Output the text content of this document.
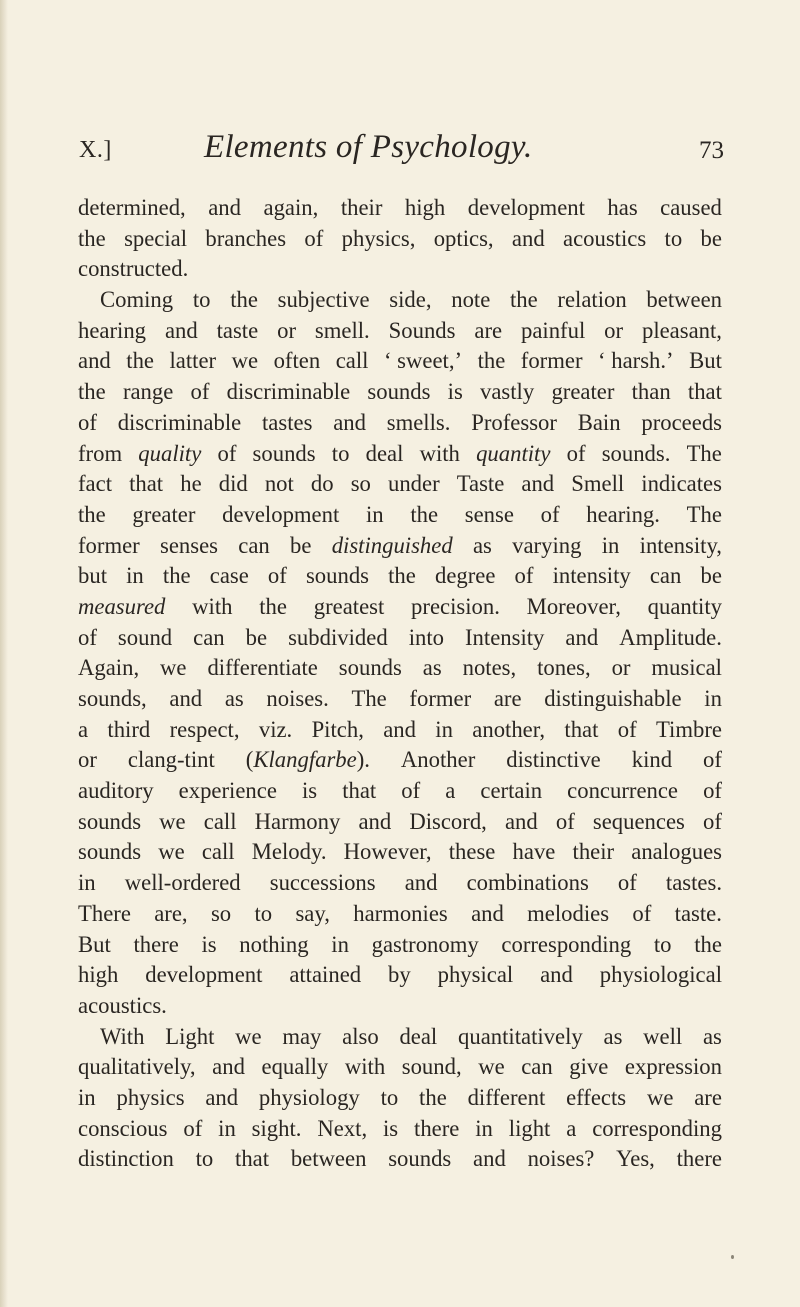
X.]	Elements of Psychology.	73
determined, and again, their high development has caused
the special branches of physics, optics, and acoustics to be
constructed.
Coming to the subjective side, note the relation between
hearing and taste or smell. Sounds are painful or pleasant,
and the latter we often call ‘ sweet,’ the former ‘ harsh.’ But
the range of discriminable sounds is vastly greater than that
of discriminable tastes and smells. Professor Bain proceeds
from quality of sounds to deal with quantity of sounds. The
fact that he did not do so under Taste and Smell indicates
the greater development in the sense of hearing. The
former senses can be distinguished as varying in intensity,
but in the case of sounds the degree of intensity can be
measured with the greatest precision. Moreover, quantity
of sound can be subdivided into Intensity and Amplitude.
Again, we differentiate sounds as notes, tones, or musical
sounds, and as noises. The former are distinguishable in
a third respect, viz. Pitch, and in another, that of Timbre
or clang-tint (Klangfarbe). Another distinctive kind of
auditory experience is that of a certain concurrence of
sounds we call Harmony and Discord, and of sequences of
sounds we call Melody. However, these have their analogues
in well-ordered successions and combinations of tastes.
There are, so to say, harmonies and melodies of taste.
But there is nothing in gastronomy corresponding to the
high development attained by physical and physiological
acoustics.
With Light we may also deal quantitatively as well as
qualitatively, and equally with sound, we can give expression
in physics and physiology to the different effects we are
conscious of in sight. Next, is there in light a corresponding
distinction to that between sounds and noises? Yes, there
